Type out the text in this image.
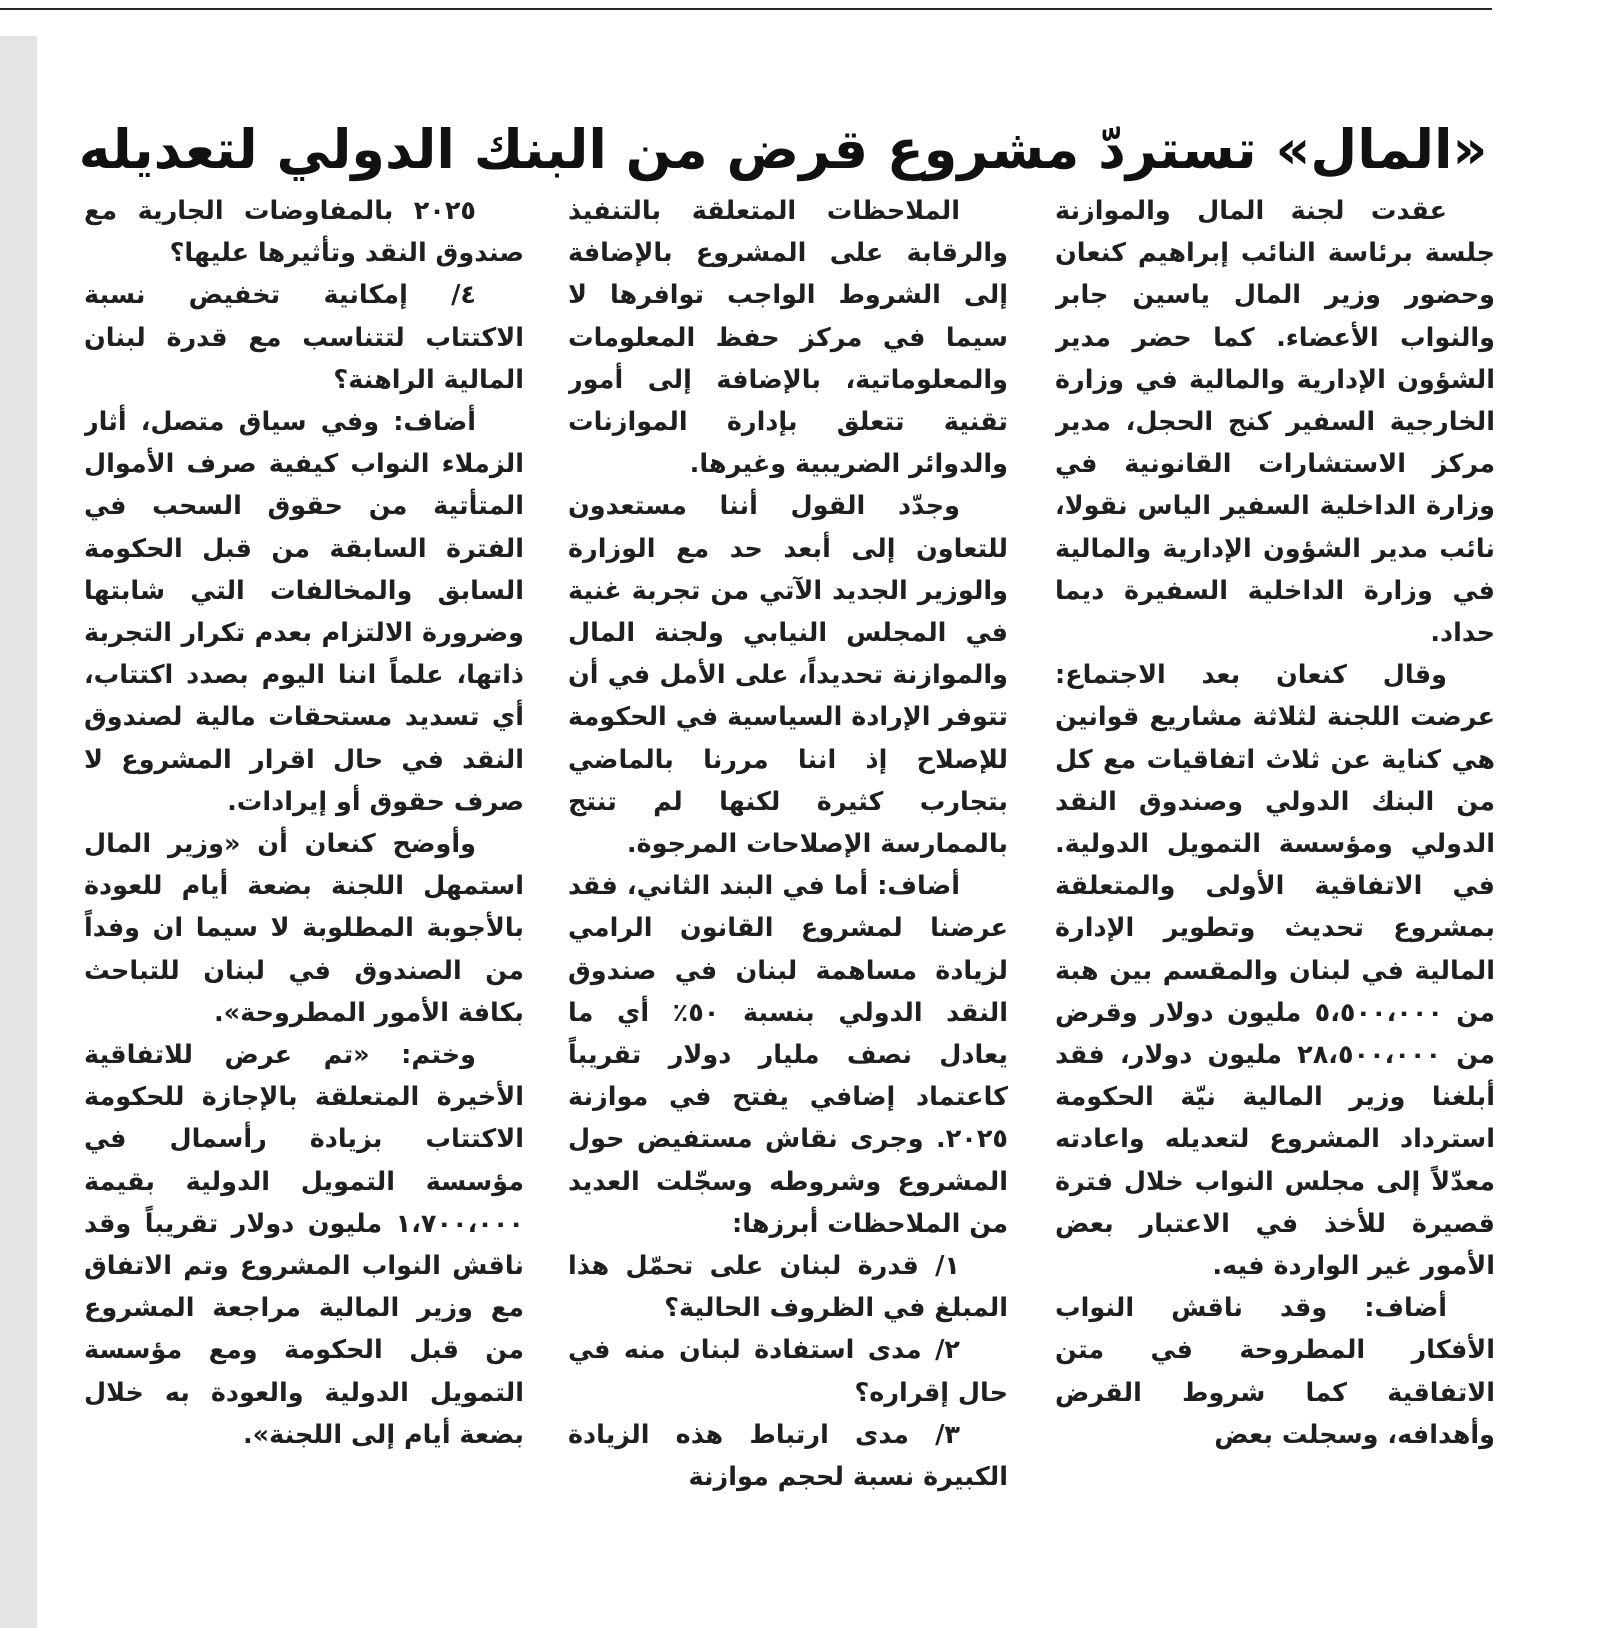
«المال» تستردّ مشروع قرض من البنك الدولي لتعديله

عقدت لجنة المال والموازنة جلسة برئاسة النائب إبراهيم كنعان وحضور وزير المال ياسين جابر والنواب الأعضاء. كما حضر مدير الشؤون الإدارية والمالية في وزارة الخارجية السفير كنج الحجل، مدير مركز الاستشارات القانونية في وزارة الداخلية السفير الياس نقولا، نائب مدير الشؤون الإدارية والمالية في وزارة الداخلية السفيرة ديما حداد.

وقال كنعان بعد الاجتماع: عرضت اللجنة لثلاثة مشاريع قوانين هي كناية عن ثلاث اتفاقيات مع كل من البنك الدولي وصندوق النقد الدولي ومؤسسة التمويل الدولية. في الاتفاقية الأولى والمتعلقة بمشروع تحديث وتطوير الإدارة المالية في لبنان والمقسم بين هبة من ٥،٥٠٠،٠٠٠ مليون دولار وقرض من ٢٨،٥٠٠،٠٠٠ مليون دولار، فقد أبلغنا وزير المالية نيّة الحكومة استرداد المشروع لتعديله واعادته معدّلاً إلى مجلس النواب خلال فترة قصيرة للأخذ في الاعتبار بعض الأمور غير الواردة فيه.

أضاف: وقد ناقش النواب الأفكار المطروحة في متن الاتفاقية كما شروط القرض وأهدافه، وسجلت بعض

الملاحظات المتعلقة بالتنفيذ والرقابة على المشروع بالإضافة إلى الشروط الواجب توافرها لا سيما في مركز حفظ المعلومات والمعلوماتية، بالإضافة إلى أمور تقنية تتعلق بإدارة الموازنات والدوائر الضريبية وغيرها.

وجدّد القول أننا مستعدون للتعاون إلى أبعد حد مع الوزارة والوزير الجديد الآتي من تجربة غنية في المجلس النيابي ولجنة المال والموازنة تحديداً، على الأمل في أن تتوفر الإرادة السياسية في الحكومة للإصلاح إذ اننا مررنا بالماضي بتجارب كثيرة لكنها لم تنتج بالممارسة الإصلاحات المرجوة.

أضاف: أما في البند الثاني، فقد عرضنا لمشروع القانون الرامي لزيادة مساهمة لبنان في صندوق النقد الدولي بنسبة ٥٠٪ أي ما يعادل نصف مليار دولار تقريباً كاعتماد إضافي يفتح في موازنة ٢٠٢٥. وجرى نقاش مستفيض حول المشروع وشروطه وسجّلت العديد من الملاحظات أبرزها:

١/ قدرة لبنان على تحمّل هذا المبلغ في الظروف الحالية؟

٢/ مدى استفادة لبنان منه في حال إقراره؟

٣/ مدى ارتباط هذه الزيادة الكبيرة نسبة لحجم موازنة

٢٠٢٥ بالمفاوضات الجارية مع صندوق النقد وتأثيرها عليها؟

٤/ إمكانية تخفيض نسبة الاكتتاب لتتناسب مع قدرة لبنان المالية الراهنة؟

أضاف: وفي سياق متصل، أثار الزملاء النواب كيفية صرف الأموال المتأتية من حقوق السحب في الفترة السابقة من قبل الحكومة السابق والمخالفات التي شابتها وضرورة الالتزام بعدم تكرار التجربة ذاتها، علماً اننا اليوم بصدد اكتتاب، أي تسديد مستحقات مالية لصندوق النقد في حال اقرار المشروع لا صرف حقوق أو إيرادات.

وأوضح كنعان أن «وزير المال استمهل اللجنة بضعة أيام للعودة بالأجوبة المطلوبة لا سيما ان وفداً من الصندوق في لبنان للتباحث بكافة الأمور المطروحة».

وختم: «تم عرض للاتفاقية الأخيرة المتعلقة بالإجازة للحكومة الاكتتاب بزيادة رأسمال في مؤسسة التمويل الدولية بقيمة ١،٧٠٠،٠٠٠ مليون دولار تقريباً وقد ناقش النواب المشروع وتم الاتفاق مع وزير المالية مراجعة المشروع من قبل الحكومة ومع مؤسسة التمويل الدولية والعودة به خلال بضعة أيام إلى اللجنة».
